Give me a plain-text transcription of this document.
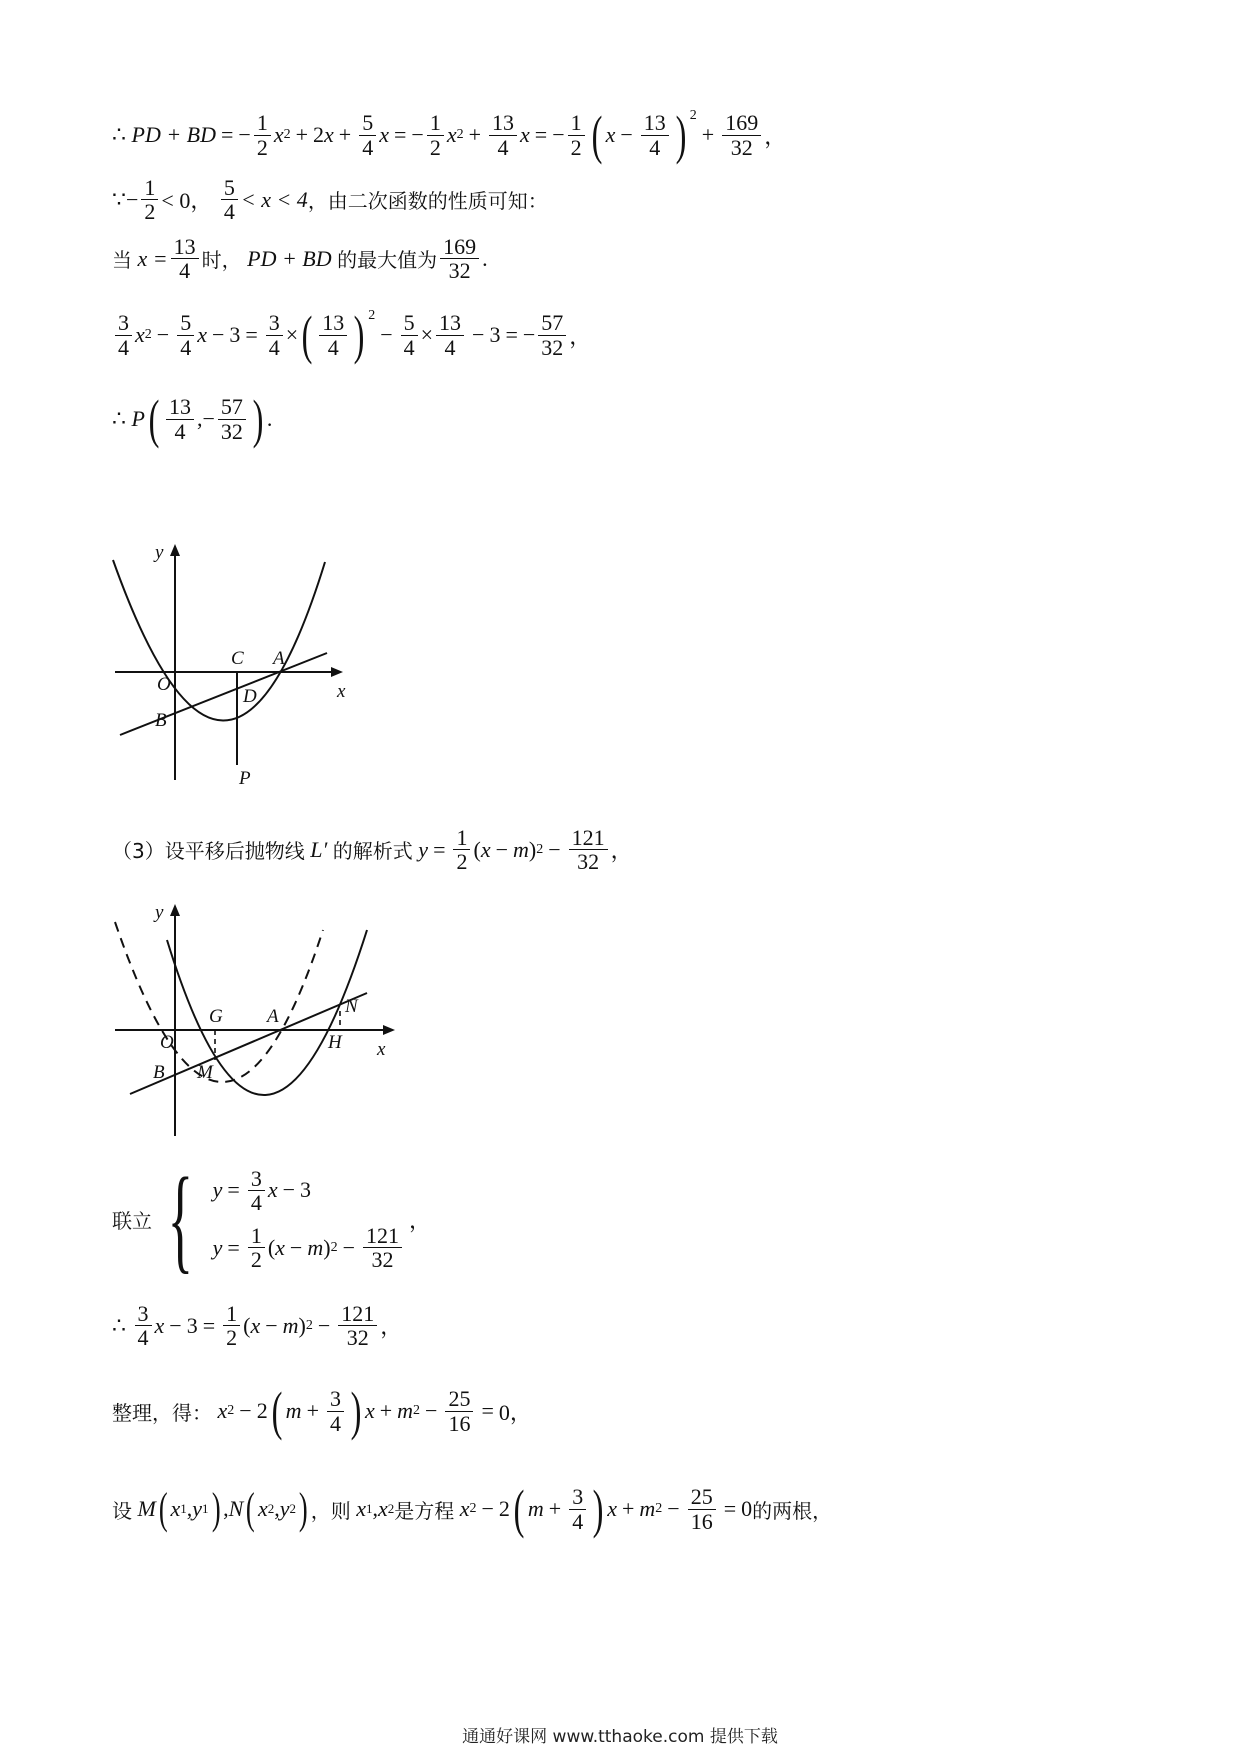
∴
PD + BD = − $\frac{1}{2}$ x 2 + 2 $x + \frac{5}{4}$ x = − $\frac{1}{2}$ x $2 + \frac{13}{4}$ x = − $\frac{1}{2}$ ( $x - \frac{13}{4}$ ) $^2$
+ $\frac{169}{32}$ ，
∵ − $\frac{1}{2} < 0$，
$\frac{5}{4} < x < 4$ ，由二次函数的性质可知：
当
$x = \frac{13}{4}$ 时，
PD + BD
的最大值为 $\frac{169}{32}$ .
$\frac{3}{4}$ x $2 - \frac{5}{4}$ $x - 3 = \frac{3}{4}$ × ( $\frac{13}{4}$ ) $^2$
− $\frac{5}{4} \times \frac{13}{4} - 3$ = − $\frac{57}{32}$ ，
∴
P ( $\frac{13}{4}$ ,− $\frac{57}{32}$ ) .
y
x
O
B
C
D
A
P
（3）设平移后抛物线
L′
的解析式
$y = \frac{1}{2}$ ( x − m ) $2 - \frac{121}{32}$ ，
y
x
O
B
G A	N
H
M
联立 { $y = \frac{3}{4}$ x − 3
$y = \frac{1}{2}$ ( x − m ) $2 - \frac{121}{32}$
，
∴ $\frac{3}{4}$ $x - 3 = \frac{1}{2}$ ( x − m ) $2 - \frac{121}{32}$ ，
整理，得：
x 2 − 2 ( $m + \frac{3}{4}$ ) x + m $2 - \frac{25}{16} = 0$，
设
M ( x 1 , y 1 ) , N ( x 2 , y 2 ) ，则
x 1 , x 2 是方程
x 2 − 2 ( $m + \frac{3}{4}$ ) x + m $2 - \frac{25}{16} = 0$ 的两根，
通通好课网 www.tthaoke.com 提供下载
